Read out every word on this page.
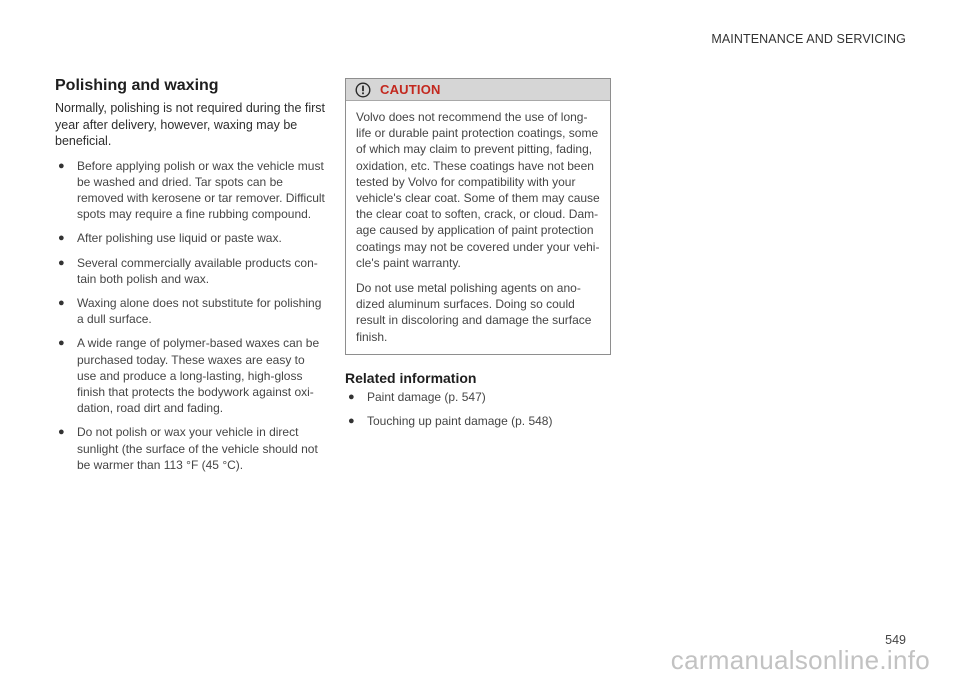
MAINTENANCE AND SERVICING
Polishing and waxing

Normally, polishing is not required during the first year after delivery, however, waxing may be beneficial.

● Before applying polish or wax the vehicle must be washed and dried. Tar spots can be removed with kerosene or tar remover. Difficult spots may require a fine rubbing compound.
● After polishing use liquid or paste wax.
● Several commercially available products contain both polish and wax.
● Waxing alone does not substitute for polishing a dull surface.
● A wide range of polymer-based waxes can be purchased today. These waxes are easy to use and produce a long-lasting, high-gloss finish that protects the bodywork against oxidation, road dirt and fading.
● Do not polish or wax your vehicle in direct sunlight (the surface of the vehicle should not be warmer than 113 °F (45 °C).
CAUTION

Volvo does not recommend the use of long-life or durable paint protection coatings, some of which may claim to prevent pitting, fading, oxidation, etc. These coatings have not been tested by Volvo for compatibility with your vehicle's clear coat. Some of them may cause the clear coat to soften, crack, or cloud. Damage caused by application of paint protection coatings may not be covered under your vehicle's paint warranty.

Do not use metal polishing agents on anodized aluminum surfaces. Doing so could result in discoloring and damage the surface finish.

Related information
● Paint damage (p. 547)
● Touching up paint damage (p. 548)
549
carmanualsonline.info
